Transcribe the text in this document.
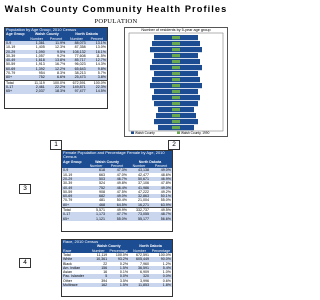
Walsh County Community Health Profiles
POPULATION
Population by Age Group, 2010 Census
Age Group	Walsh County		North Dakota	
	Number	Percent	Number	Percent
0-9	1,361	11.9%	88,073	13.1%
10-19	1,405	12.3%	87,358	13.0%
20-29	1,090	9.5%	108,132	16.1%
30-39	1,057	9.2%	77,608	11.5%
40-49	1,618	13.8%	85,717	12.7%
50-59	1,913	16.7%	96,023	14.3%
60-69	1,392	12.2%	65,643	9.8%
70-79	954	8.3%	38,213	5.7%
80+	752	6.6%	25,473	3.8%
Total	11,119	100.0%	672,591	100.0%
0-17	2,461	22.2%	149,871	22.3%
65+	2,037	18.3%	97,477	14.5%
Number of residents by 5-year age group
Walsh County	Walsh County, 1990
1	2
Female Population and Percentage Female by Age, 2010 Census
Age Group	Walsh County		North Dakota	
	Number	Percent	Number	Percent
0-9	618	47.3%	43,138	49.0%
10-19	663	47.0%	42,477	48.6%
20-29	503	46.7%	50,671	46.9%
30-39	524	49.8%	37,106	47.8%
40-49	752	46.4%	41,986	49.0%
50-59	908	47.5%	47,222	49.2%
60-69	682	49.0%	32,863	50.1%
70-79	481	50.4%	21,004	55.0%
80+	468	64.5%	16,271	63.9%
Total	5,571	49.9%	332,737	49.5%
0-17	1,173	47.7%	73,055	48.7%
65+	1,121	55.0%	55,177	56.6%
3
Race, 2010 Census
	Walsh County		North Dakota	
Race	Number	Percentage	Number	Percentage
Total	11,119	100.0%	672,591	100.0%
White	10,361	93.2%	605,449	90.0%
Black	22	0.2%	7,960	1.2%
Am. Indian	156	1.5%	36,591	5.4%
Asian	16	0.1%	6,909	1.0%
Pac. Islander	5	0.0%	320	0.0%
Other	394	3.5%	3,996	0.6%
Multirace	162	1.5%	11,853	1.8%
4
